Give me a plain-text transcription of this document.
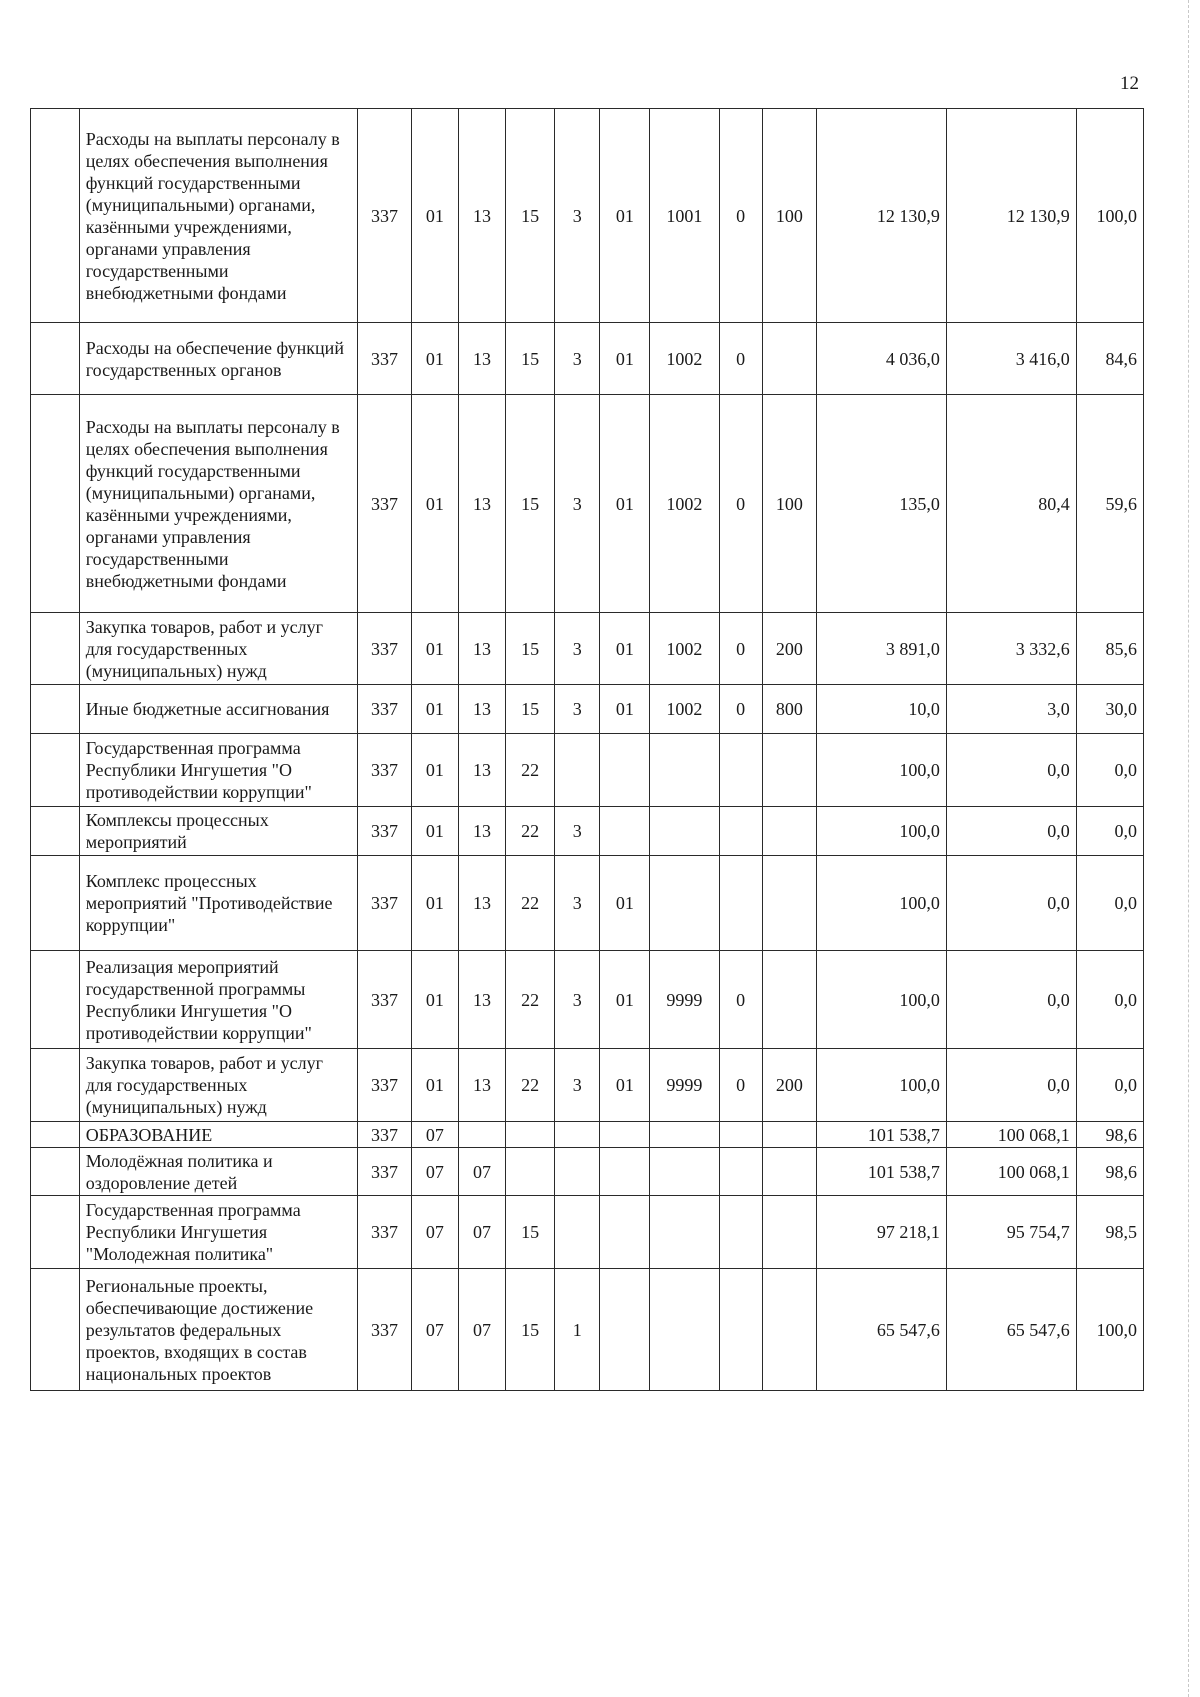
12
	Расходы на выплаты персоналу в целях обеспечения выполнения функций государственными (муниципальными) органами, казёнными учреждениями, органами управления государственными внебюджетными фондами	337	01	13	15	3	01	1001	0	100	12 130,9	12 130,9	100,0
	Расходы на обеспечение функций государственных органов	337	01	13	15	3	01	1002	0		4 036,0	3 416,0	84,6
	Расходы на выплаты персоналу в целях обеспечения выполнения функций государственными (муниципальными) органами, казёнными учреждениями, органами управления государственными внебюджетными фондами	337	01	13	15	3	01	1002	0	100	135,0	80,4	59,6
	Закупка товаров, работ и услуг для государственных (муниципальных) нужд	337	01	13	15	3	01	1002	0	200	3 891,0	3 332,6	85,6
	Иные бюджетные ассигнования	337	01	13	15	3	01	1002	0	800	10,0	3,0	30,0
	Государственная программа Республики Ингушетия "О противодействии коррупции"	337	01	13	22						100,0	0,0	0,0
	Комплексы процессных мероприятий	337	01	13	22	3					100,0	0,0	0,0
	Комплекс процессных мероприятий "Противодействие коррупции"	337	01	13	22	3	01				100,0	0,0	0,0
	Реализация мероприятий государственной программы Республики Ингушетия "О противодействии коррупции"	337	01	13	22	3	01	9999	0		100,0	0,0	0,0
	Закупка товаров, работ и услуг для государственных (муниципальных) нужд	337	01	13	22	3	01	9999	0	200	100,0	0,0	0,0
	ОБРАЗОВАНИЕ	337	07								101 538,7	100 068,1	98,6
	Молодёжная политика и оздоровление детей	337	07	07							101 538,7	100 068,1	98,6
	Государственная программа Республики Ингушетия "Молодежная политика"	337	07	07	15						97 218,1	95 754,7	98,5
	Региональные проекты, обеспечивающие достижение результатов федеральных проектов, входящих в состав национальных проектов	337	07	07	15	1					65 547,6	65 547,6	100,0
